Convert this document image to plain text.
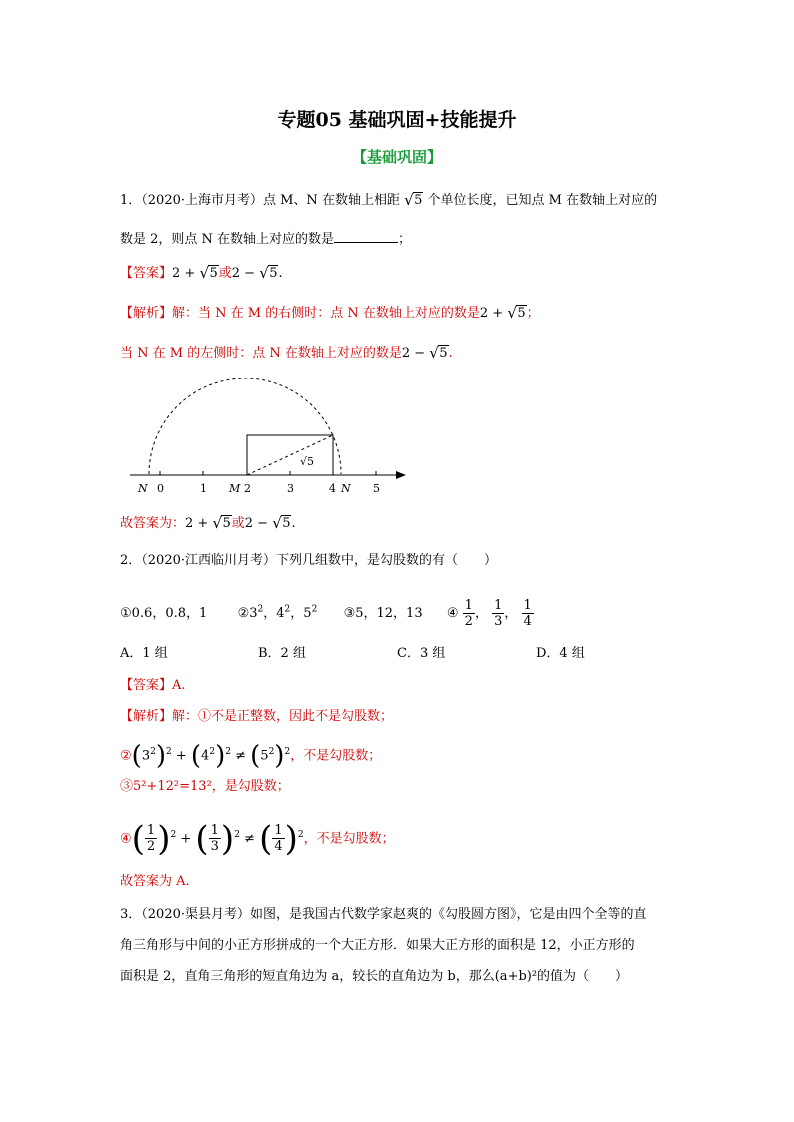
专题05 基础巩固+技能提升
【基础巩固】
1．（2020·上海市月考）点 M、N 在数轴上相距 √ 5 个单位长度，已知点 M 在数轴上对应的
数是 2，则点 N 在数轴上对应的数是	；
【答案】2 + √ 5或2 − √ 5.
【解析】解：当 N 在 M 的右侧时：点 N 在数轴上对应的数是2 + √ 5；
当 N 在 M 的左侧时：点 N 在数轴上对应的数是2 − √ 5.
N 0	1 M 2	3	4 N 5
√5
故答案为：2 + √ 5或2 − √ 5.
2．（2020·江西临川月考）下列几组数中，是勾股数的有（　　）
①0.6，0.8，1 $②3^2$，$4^2$，$5^2$ ③5，12，13 ④ $\frac{1}{2}$ ， $\frac{1}{3}$ ， $\frac{1}{4}$
A．1 组	B．2 组	C．3 组	D．4 组
【答案】A.
【解析】解：①不是正整数，因此不是勾股数；
$②(3^2)^2 + (4^2)^2 \ne (5^2)^2$，不是勾股数；
③5²+12²=13²，是勾股数；
④( $\frac{1}{2} )^2$ + ( $\frac{1}{3} )^2$ ≠ ( $\frac{1}{4} )^2$，不是勾股数；
故答案为 A.
3．（2020·渠县月考）如图，是我国古代数学家赵爽的《勾股圆方图》，它是由四个全等的直
角三角形与中间的小正方形拼成的一个大正方形．如果大正方形的面积是 12，小正方形的
面积是 2，直角三角形的短直角边为 a，较长的直角边为 b，那么(a+b)²的值为（　　）
